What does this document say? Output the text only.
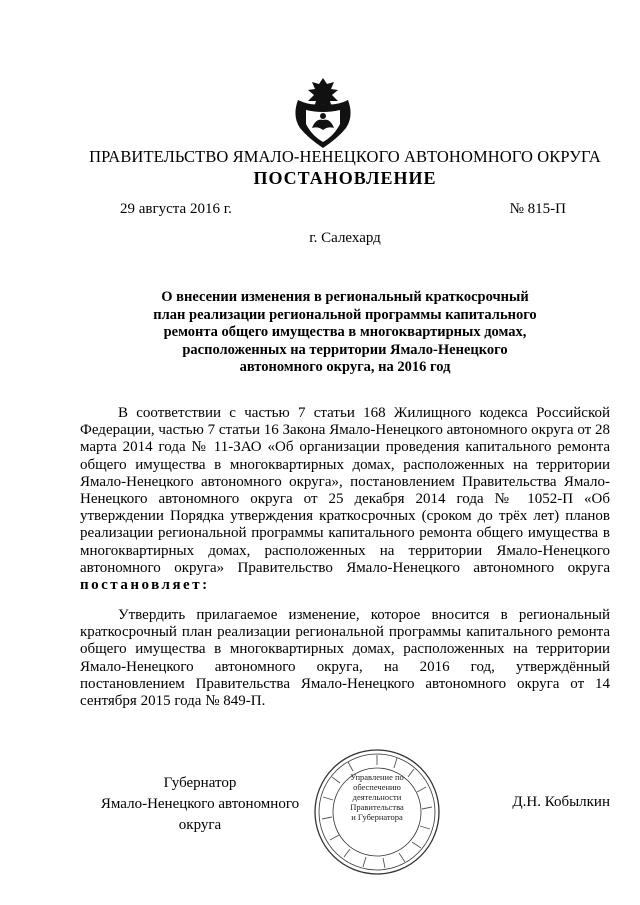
ПРАВИТЕЛЬСТВО ЯМАЛО-НЕНЕЦКОГО АВТОНОМНОГО ОКРУГА
ПОСТАНОВЛЕНИЕ
29 августа 2016 г.	№ 815-П
г. Салехард
О внесении изменения в региональный краткосрочный
план реализации региональной программы капитального
ремонта общего имущества в многоквартирных домах,
расположенных на территории Ямало-Ненецкого
автономного округа, на 2016 год
В соответствии с частью 7 статьи 168 Жилищного кодекса Российской Федерации, частью 7 статьи 16 Закона Ямало-Ненецкого автономного округа от 28 марта 2014 года № 11-ЗАО «Об организации проведения капитального ремонта общего имущества в многоквартирных домах, расположенных на территории Ямало-Ненецкого автономного округа», постановлением Правительства Ямало-Ненецкого автономного округа от 25 декабря 2014 года № 1052-П «Об утверждении Порядка утверждения краткосрочных (сроком до трёх лет) планов реализации региональной программы капитального ремонта общего имущества в многоквартирных домах, расположенных на территории Ямало-Ненецкого автономного округа» Правительство Ямало-Ненецкого автономного округа постановляет:
Утвердить прилагаемое изменение, которое вносится в региональный краткосрочный план реализации региональной программы капитального ремонта общего имущества в многоквартирных домах, расположенных на территории Ямало-Ненецкого автономного округа, на 2016 год, утверждённый постановлением Правительства Ямало-Ненецкого автономного округа от 14 сентября 2015 года № 849-П.
Управление по
обеспечению
деятельности
Правительства
и Губернатора
Губернатор
Ямало-Ненецкого автономного округа
Д.Н. Кобылкин
